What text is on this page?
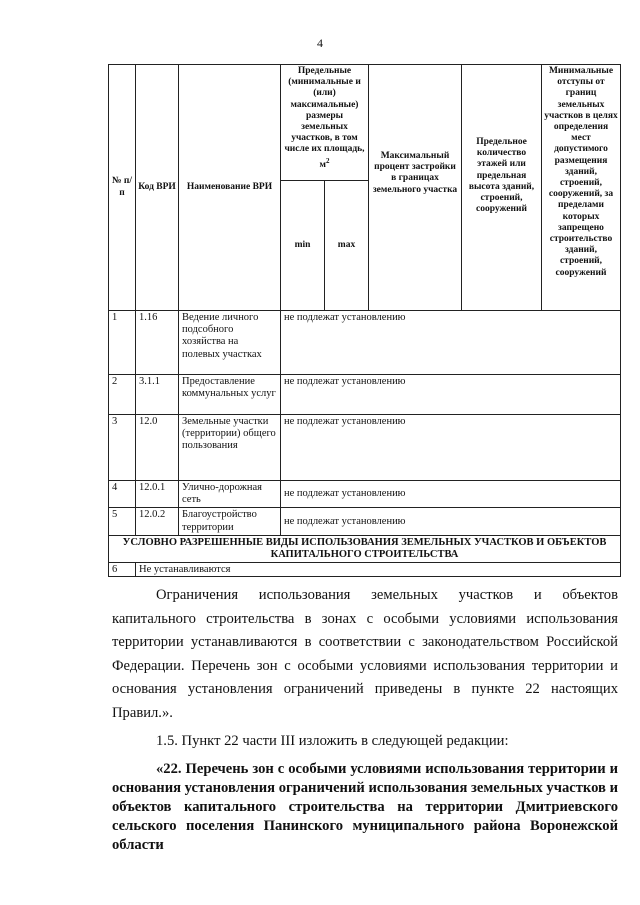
4
№ п/п	Код ВРИ	Наименование ВРИ	Предельные (минимальные и (или) максимальные) размеры земельных участков, в том числе их площадь, $м^2$		Максимальный процент застройки в границах земельного участка	Предельное количество этажей или предельная высота зданий, строений, сооружений	Минимальные отступы от границ земельных участков в целях определения мест допустимого размещения зданий, строений, сооружений, за пределами которых запрещено строительство зданий, строений, сооружений
			min	max			
1	1.16	Ведение личного подсобного хозяйства на полевых участках	не подлежат установлению				
2	3.1.1	Предоставление коммунальных услуг	не подлежат установлению				
3	12.0	Земельные участки (территории) общего пользования	не подлежат установлению				
4	12.0.1	Улично-дорожная сеть	не подлежат установлению				
5	12.0.2	Благоустройство территории	не подлежат установлению				
УСЛОВНО РАЗРЕШЕННЫЕ ВИДЫ ИСПОЛЬЗОВАНИЯ ЗЕМЕЛЬНЫХ УЧАСТКОВ И ОБЪЕКТОВ КАПИТАЛЬНОГО СТРОИТЕЛЬСТВА							
6	Не устанавливаются						
Ограничения использования земельных участков и объектов капитального строительства в зонах с особыми условиями использования территории устанавливаются в соответствии с законодательством Российской Федерации. Перечень зон с особыми условиями использования территории и основания установления ограничений приведены в пункте 22 настоящих Правил.».
1.5. Пункт 22 части III изложить в следующей редакции:
«22. Перечень зон с особыми условиями использования территории и основания установления ограничений использования земельных участков и объектов капитального строительства на территории Дмитриевского сельского поселения Панинского муниципального района Воронежской области
